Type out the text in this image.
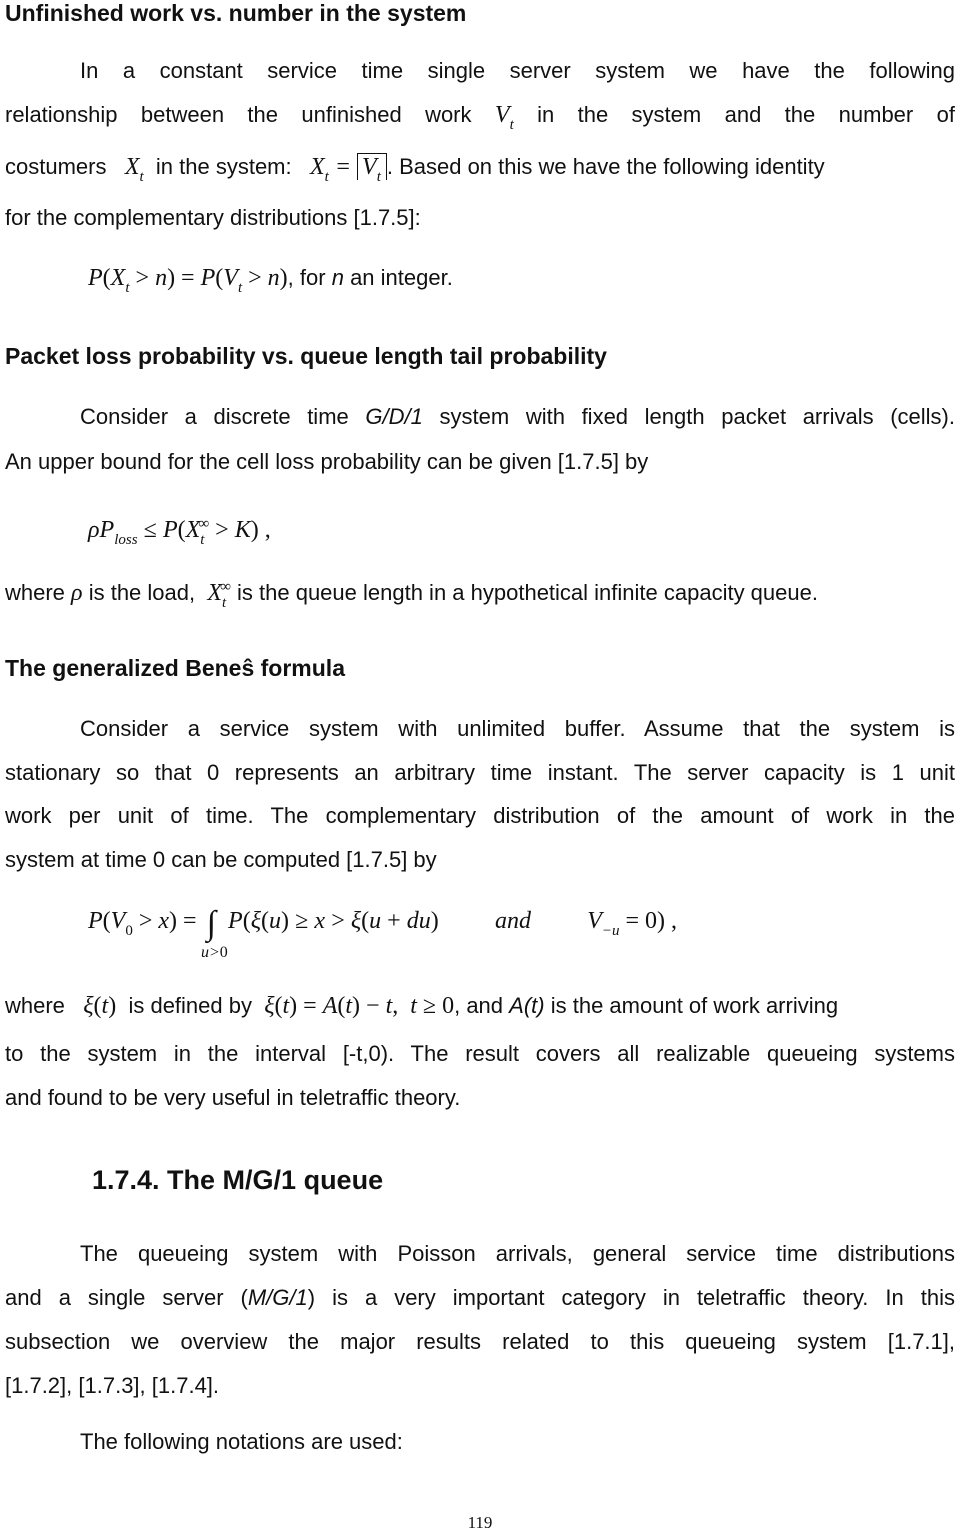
Unfinished work vs. number in the system
In a constant service time single server system we have the following
relationship between the unfinished work $V_t$ in the system and the number of
costumers $X_t$ in the system: $X_t = V_t$ . Based on this we have the following identity
for the complementary distributions [1.7.5]:
$P(X_t > n) = P(V_t > n)$, for n an integer.
Packet loss probability vs. queue length tail probability
Consider a discrete time G/D/1 system with fixed length packet arrivals (cells).
An upper bound for the cell loss probability can be given [1.7.5] by
$\rho P_{loss} \le P(X_t^\infty > K)$ ,
where ρ is the load, $X_t^\infty$ is the queue length in a hypothetical infinite capacity queue.
The generalized Beneŝ formula
Consider a service system with unlimited buffer. Assume that the system is
stationary so that 0 represents an arbitrary time instant. The server capacity is 1 unit
work per unit of time. The complementary distribution of the amount of work in the
system at time 0 can be computed [1.7.5] by
$P(V_0 > x)$ = ∫ P(ξ(u) ≥ x > ξ(u + du) and $V_{-u} = 0$) ,
u>0
where ξ(t) is defined by ξ(t) = A(t) − t,  t ≥ 0, and A(t) is the amount of work arriving
to the system in the interval [-t,0). The result covers all realizable queueing systems
and found to be very useful in teletraffic theory.
1.7.4. The M/G/1 queue
The queueing system with Poisson arrivals, general service time distributions
and a single server (M/G/1) is a very important category in teletraffic theory. In this
subsection we overview the major results related to this queueing system [1.7.1],
[1.7.2], [1.7.3], [1.7.4].
The following notations are used:
119
